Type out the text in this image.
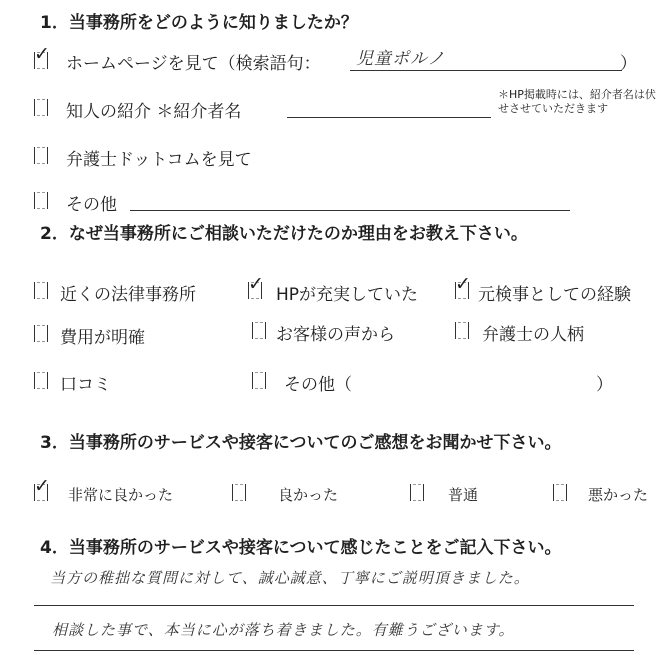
1．当事務所をどのように知りましたか？
✓ ホームページを見て（検索語句： 児童ポルノ	）
知人の紹介 ＊紹介者名
＊HP掲載時には、紹介者名は伏せさせていただきます
弁護士ドットコムを見て
その他
2．なぜ当事務所にご相談いただけたのか理由をお教え下さい。
近くの法律事務所	✓ HPが充実していた ✓ 元検事としての経験
費用が明確	お客様の声から	弁護士の人柄
口コミ	その他（	）
3．当事務所のサービスや接客についてのご感想をお聞かせ下さい。
✓ 非常に良かった	良かった	普通	悪かった
4．当事務所のサービスや接客について感じたことをご記入下さい。
当方の稚拙な質問に対して、誠心誠意、丁寧にご説明頂きました。
相談した事で、本当に心が落ち着きました。有難うございます。
